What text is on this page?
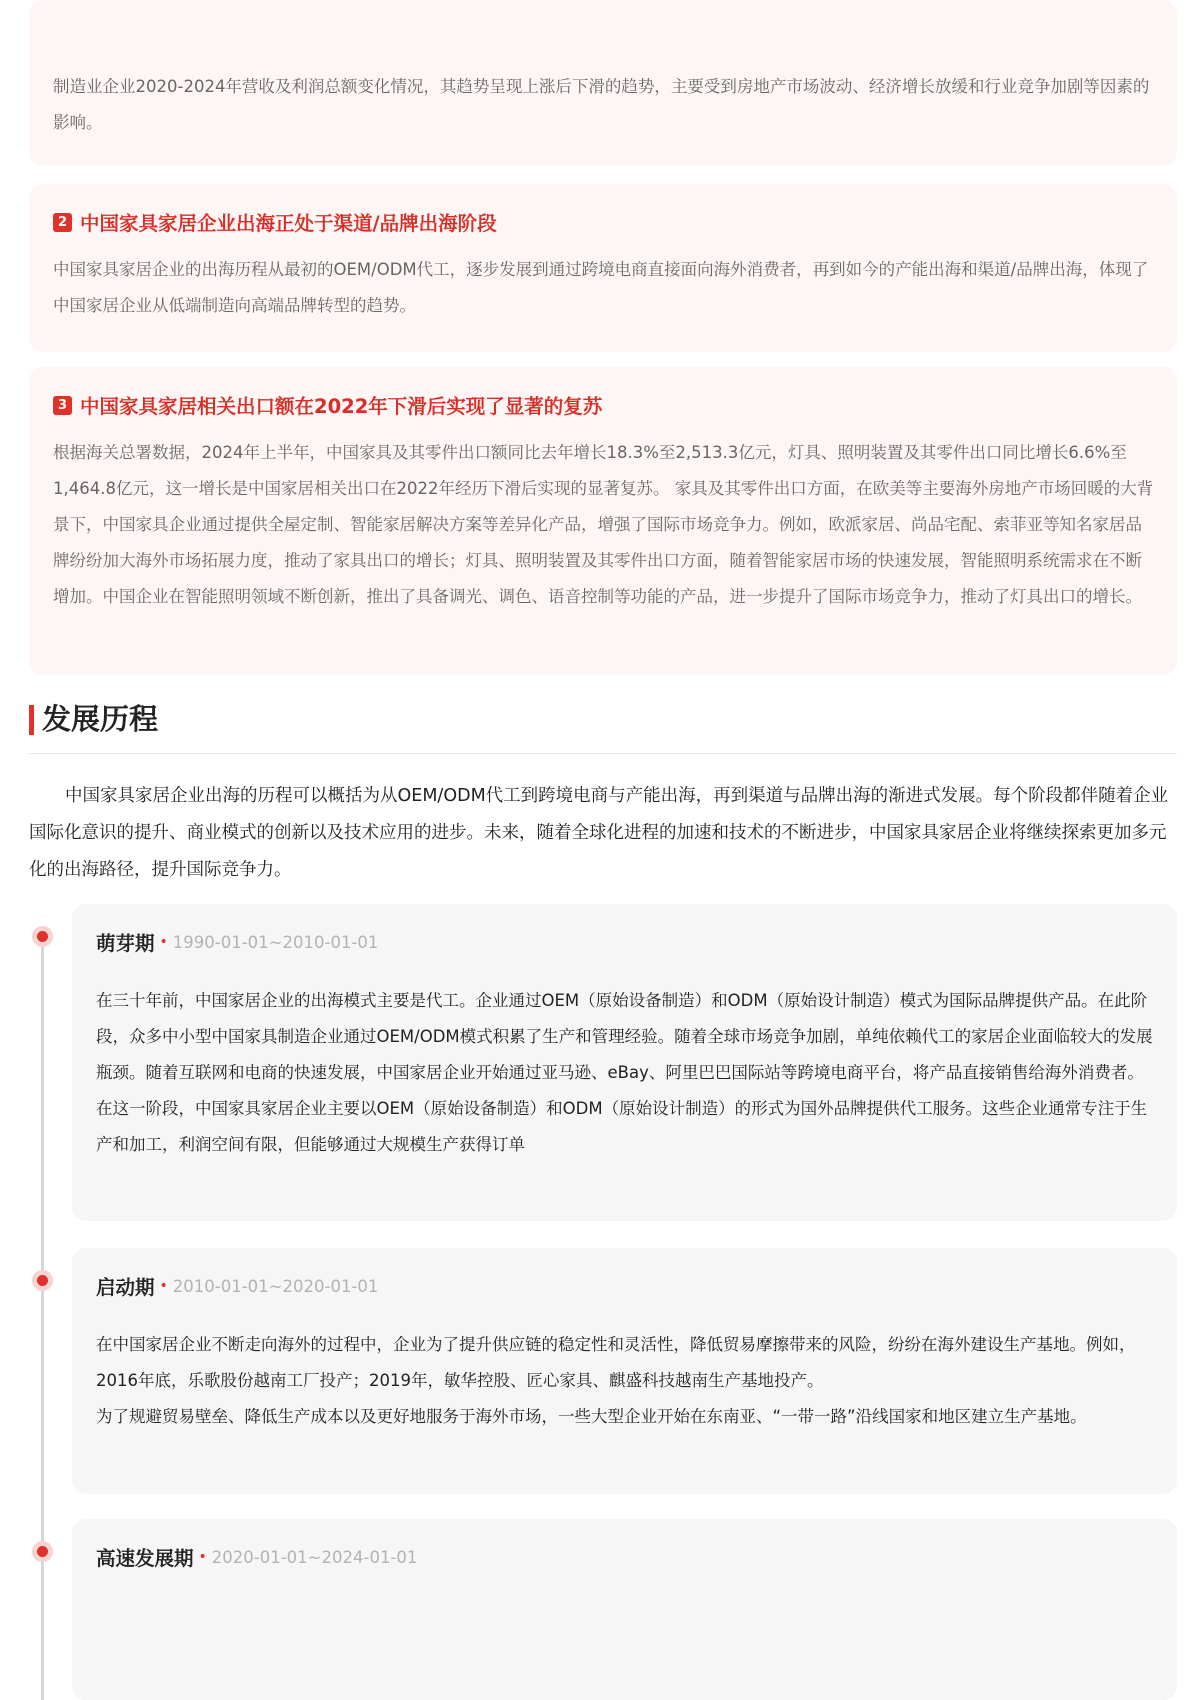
制造业企业2020-2024年营收及利润总额变化情况，其趋势呈现上涨后下滑的趋势，主要受到房地产市场波动、经济增长放缓和行业竞争加剧等因素的影响。
2 中国家具家居企业出海正处于渠道/品牌出海阶段
中国家具家居企业的出海历程从最初的OEM/ODM代工，逐步发展到通过跨境电商直接面向海外消费者，再到如今的产能出海和渠道/品牌出海，体现了中国家居企业从低端制造向高端品牌转型的趋势。
3 中国家具家居相关出口额在2022年下滑后实现了显著的复苏
根据海关总署数据，2024年上半年，中国家具及其零件出口额同比去年增长18.3%至2,513.3亿元，灯具、照明装置及其零件出口同比增长6.6%至1,464.8亿元，这一增长是中国家居相关出口在2022年经历下滑后实现的显著复苏。 家具及其零件出口方面，在欧美等主要海外房地产市场回暖的大背景下，中国家具企业通过提供全屋定制、智能家居解决方案等差异化产品，增强了国际市场竞争力。例如，欧派家居、尚品宅配、索菲亚等知名家居品牌纷纷加大海外市场拓展力度，推动了家具出口的增长；灯具、照明装置及其零件出口方面，随着智能家居市场的快速发展，智能照明系统需求在不断增加。中国企业在智能照明领域不断创新，推出了具备调光、调色、语音控制等功能的产品，进一步提升了国际市场竞争力，推动了灯具出口的增长。
发展历程
中国家具家居企业出海的历程可以概括为从OEM/ODM代工到跨境电商与产能出海，再到渠道与品牌出海的渐进式发展。每个阶段都伴随着企业国际化意识的提升、商业模式的创新以及技术应用的进步。未来，随着全球化进程的加速和技术的不断进步，中国家具家居企业将继续探索更加多元化的出海路径，提升国际竞争力。
萌芽期 • 1990-01-01~2010-01-01

在三十年前，中国家居企业的出海模式主要是代工。企业通过OEM（原始设备制造）和ODM（原始设计制造）模式为国际品牌提供产品。在此阶段，众多中小型中国家具制造企业通过OEM/ODM模式积累了生产和管理经验。随着全球市场竞争加剧，单纯依赖代工的家居企业面临较大的发展瓶颈。随着互联网和电商的快速发展，中国家居企业开始通过亚马逊、eBay、阿里巴巴国际站等跨境电商平台，将产品直接销售给海外消费者。

在这一阶段，中国家具家居企业主要以OEM（原始设备制造）和ODM（原始设计制造）的形式为国外品牌提供代工服务。这些企业通常专注于生产和加工，利润空间有限，但能够通过大规模生产获得订单

启动期 • 2010-01-01~2020-01-01

在中国家居企业不断走向海外的过程中，企业为了提升供应链的稳定性和灵活性，降低贸易摩擦带来的风险，纷纷在海外建设生产基地。例如，2016年底，乐歌股份越南工厂投产；2019年，敏华控股、匠心家具、麒盛科技越南生产基地投产。

为了规避贸易壁垒、降低生产成本以及更好地服务于海外市场，一些大型企业开始在东南亚、“一带一路”沿线国家和地区建立生产基地。

高速发展期 • 2020-01-01~2024-01-01
